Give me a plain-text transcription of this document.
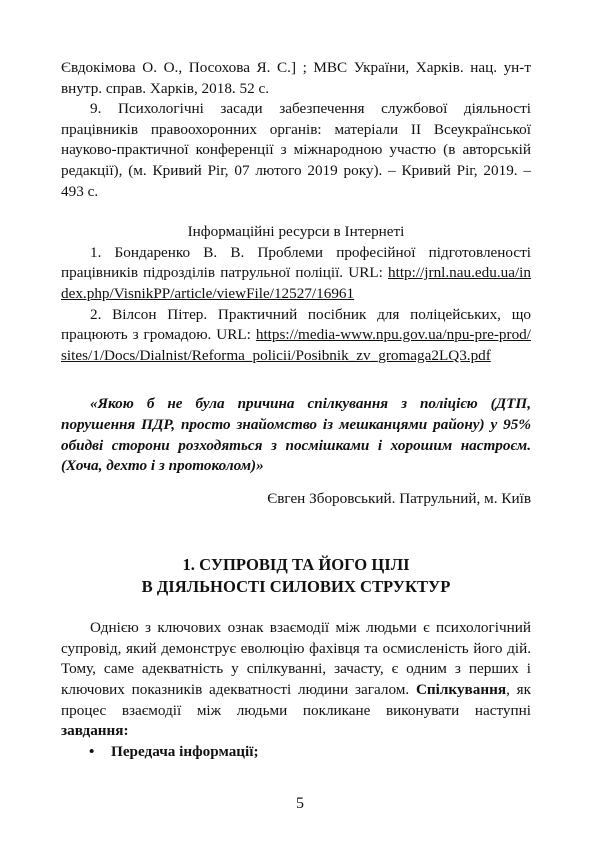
Євдокімова О. О., Посохова Я. С.] ; МВС України, Харків. нац. ун-т внутр. справ. Харків, 2018. 52 с.

9. Психологічні засади забезпечення службової діяльності працівників правоохоронних органів: матеріали II Всеукраїнської науково-практичної конференції з міжнародною участю (в авторській редакції), (м. Кривий Ріг, 07 лютого 2019 року). – Кривий Ріг, 2019. – 493 с.

Інформаційні ресурси в Інтернеті

1. Бондаренко В. В. Проблеми професійної підготовленості працівників підрозділів патрульної поліції. URL: http://jrnl.nau.edu.ua/index.php/VisnikPP/article/viewFile/12527/16961

2. Вілсон Пітер. Практичний посібник для поліцейських, що працюють з громадою. URL: https://media-www.npu.gov.ua/npu-pre-prod/sites/1/Docs/Dialnist/Reforma_policii/Posibnik_zv_gromaga2LQ3.pdf

«Якою б не була причина спілкування з поліцією (ДТП, порушення ПДР, просто знайомство із мешканцями району) у 95% обидві сторони розходяться з посмішками і хорошим настроєм. (Хоча, дехто і з протоколом)»

Євген Зборовський. Патрульний, м. Київ

1. СУПРОВІД ТА ЙОГО ЦІЛІ
В ДІЯЛЬНОСТІ СИЛОВИХ СТРУКТУР

Однією з ключових ознак взаємодії між людьми є психологічний супровід, який демонструє еволюцію фахівця та осмисленість його дій. Тому, саме адекватність у спілкуванні, зачасту, є одним з перших і ключових показників адекватності людини загалом. Спілкування, як процес взаємодії між людьми покликане виконувати наступні завдання:

• Передача інформації;
5
